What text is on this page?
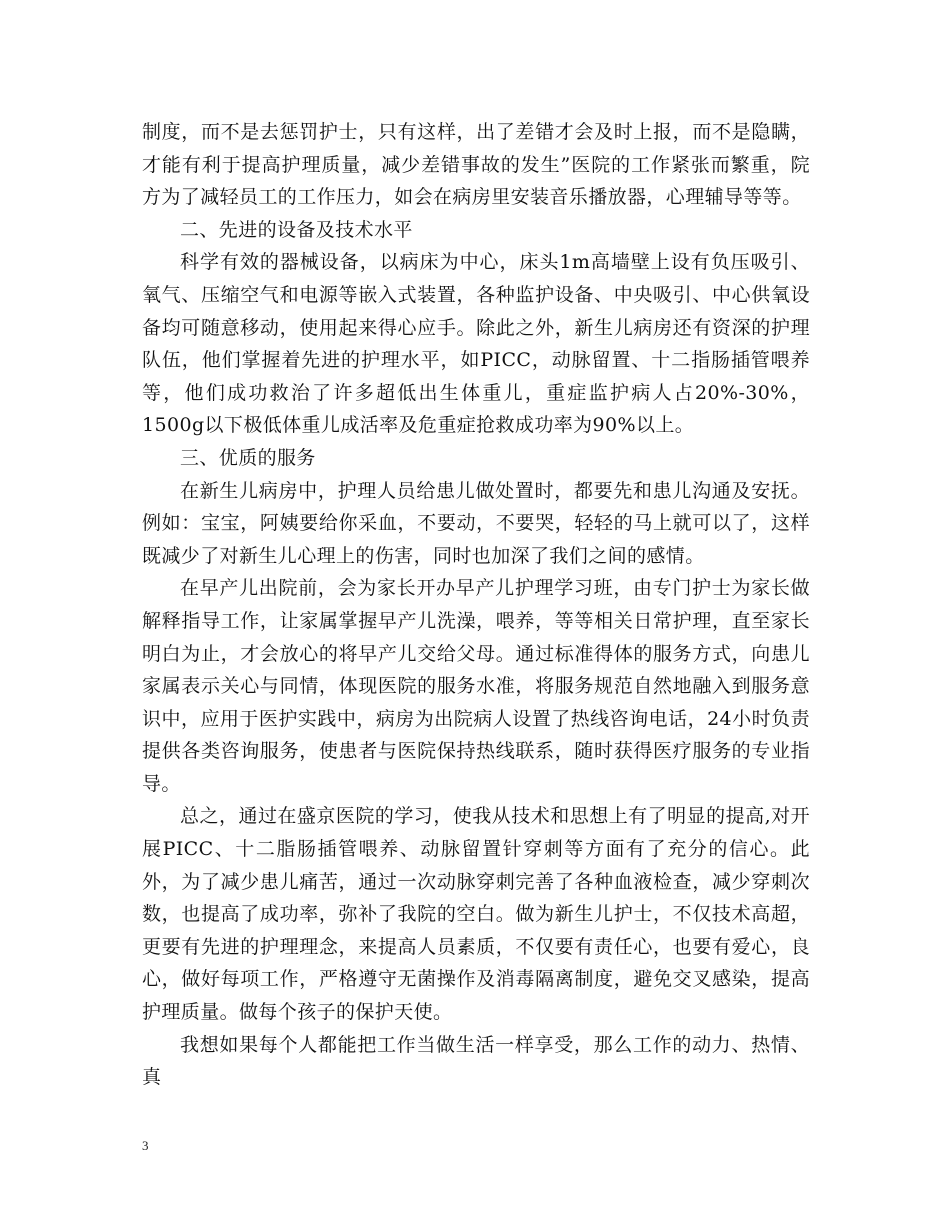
制度，而不是去惩罚护士，只有这样，出了差错才会及时上报，而不是隐瞒，才能有利于提高护理质量，减少差错事故的发生”医院的工作紧张而繁重，院方为了减轻员工的工作压力，如会在病房里安装音乐播放器，心理辅导等等。

二、先进的设备及技术水平

科学有效的器械设备，以病床为中心，床头1m高墙壁上设有负压吸引、氧气、压缩空气和电源等嵌入式装置，各种监护设备、中央吸引、中心供氧设备均可随意移动，使用起来得心应手。除此之外，新生儿病房还有资深的护理队伍，他们掌握着先进的护理水平，如PICC，动脉留置、十二指肠插管喂养等，他们成功救治了许多超低出生体重儿，重症监护病人占20%-30%，1500g以下极低体重儿成活率及危重症抢救成功率为90%以上。

三、优质的服务

在新生儿病房中，护理人员给患儿做处置时，都要先和患儿沟通及安抚。例如：宝宝，阿姨要给你采血，不要动，不要哭，轻轻的马上就可以了，这样既减少了对新生儿心理上的伤害，同时也加深了我们之间的感情。

在早产儿出院前，会为家长开办早产儿护理学习班，由专门护士为家长做解释指导工作，让家属掌握早产儿洗澡，喂养，等等相关日常护理，直至家长明白为止，才会放心的将早产儿交给父母。通过标准得体的服务方式，向患儿家属表示关心与同情，体现医院的服务水准，将服务规范自然地融入到服务意识中，应用于医护实践中，病房为出院病人设置了热线咨询电话，24小时负责提供各类咨询服务，使患者与医院保持热线联系，随时获得医疗服务的专业指导。

总之，通过在盛京医院的学习，使我从技术和思想上有了明显的提高,对开展PICC、十二脂肠插管喂养、动脉留置针穿刺等方面有了充分的信心。此外，为了减少患儿痛苦，通过一次动脉穿刺完善了各种血液检查，减少穿刺次数，也提高了成功率，弥补了我院的空白。做为新生儿护士，不仅技术高超，更要有先进的护理理念，来提高人员素质，不仅要有责任心，也要有爱心，良心，做好每项工作，严格遵守无菌操作及消毒隔离制度，避免交叉感染，提高护理质量。做每个孩子的保护天使。

我想如果每个人都能把工作当做生活一样享受，那么工作的动力、热情、真

3
